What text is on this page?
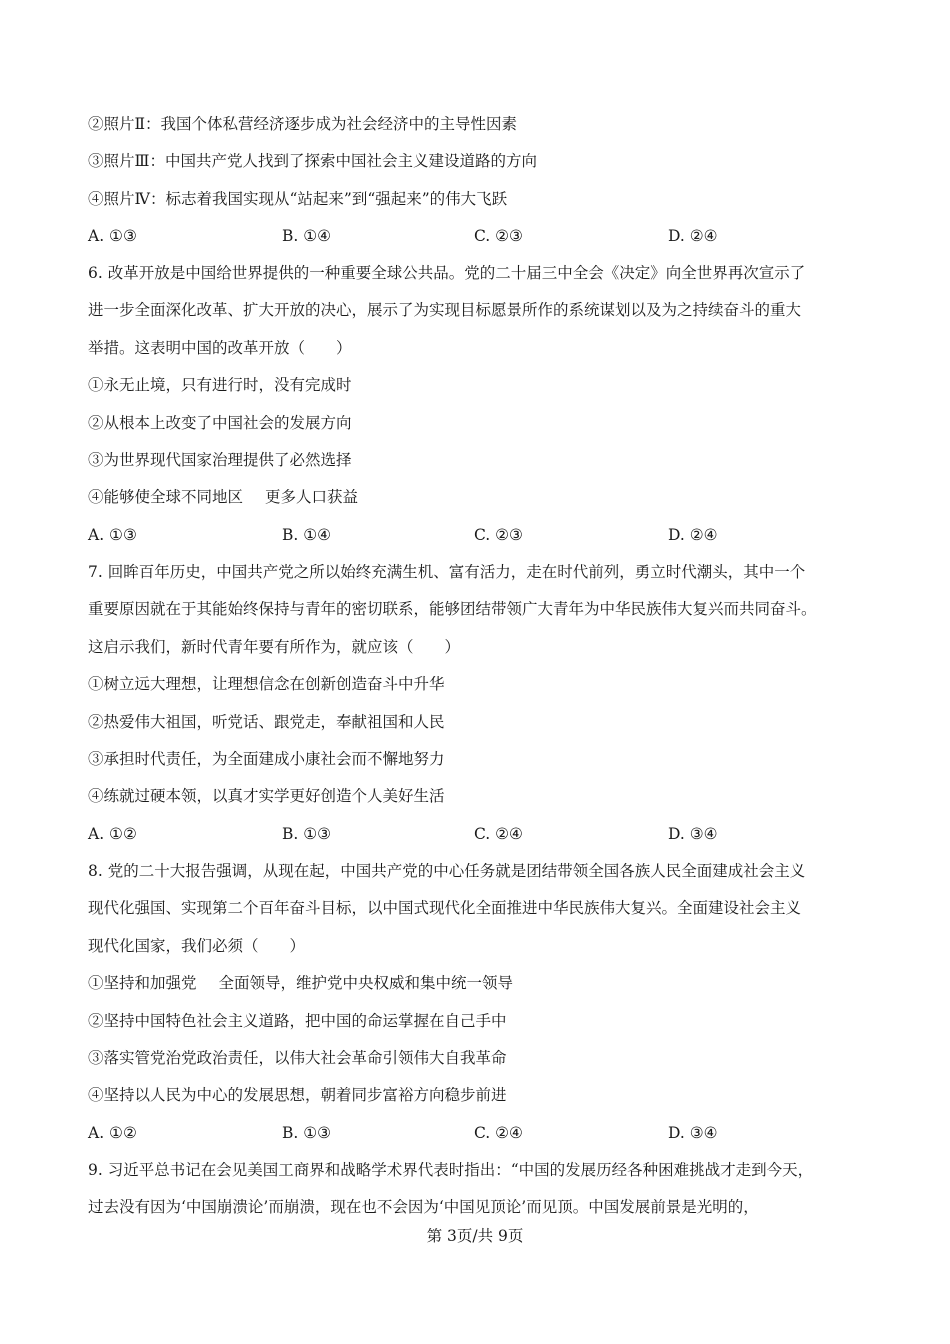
②照片Ⅱ：我国个体私营经济逐步成为社会经济中的主导性因素
③照片Ⅲ：中国共产党人找到了探索中国社会主义建设道路的方向
④照片Ⅳ：标志着我国实现从“站起来”到“强起来”的伟大飞跃
A. ①③	B. ①④	C. ②③	D. ②④
6. 改革开放是中国给世界提供的一种重要全球公共品。党的二十届三中全会《决定》向全世界再次宣示了
进一步全面深化改革、扩大开放的决心，展示了为实现目标愿景所作的系统谋划以及为之持续奋斗的重大
举措。这表明中国的改革开放（　　）
①永无止境，只有进行时，没有完成时
②从根本上改变了中国社会的发展方向
③为世界现代国家治理提供了必然选择
④能够使全球不同地区 更多人口获益
A. ①③	B. ①④	C. ②③	D. ②④
7. 回眸百年历史，中国共产党之所以始终充满生机、富有活力，走在时代前列，勇立时代潮头，其中一个
重要原因就在于其能始终保持与青年的密切联系，能够团结带领广大青年为中华民族伟大复兴而共同奋斗。
这启示我们，新时代青年要有所作为，就应该（　　）
①树立远大理想，让理想信念在创新创造奋斗中升华
②热爱伟大祖国，听党话、跟党走，奉献祖国和人民
③承担时代责任，为全面建成小康社会而不懈地努力
④练就过硬本领，以真才实学更好创造个人美好生活
A. ①②	B. ①③	C. ②④	D. ③④
8. 党的二十大报告强调，从现在起，中国共产党的中心任务就是团结带领全国各族人民全面建成社会主义
现代化强国、实现第二个百年奋斗目标，以中国式现代化全面推进中华民族伟大复兴。全面建设社会主义
现代化国家，我们必须（　　）
①坚持和加强党 全面领导，维护党中央权威和集中统一领导
②坚持中国特色社会主义道路，把中国的命运掌握在自己手中
③落实管党治党政治责任，以伟大社会革命引领伟大自我革命
④坚持以人民为中心的发展思想，朝着同步富裕方向稳步前进
A. ①②	B. ①③	C. ②④	D. ③④
9. 习近平总书记在会见美国工商界和战略学术界代表时指出：“中国的发展历经各种困难挑战才走到今天，
过去没有因为‘中国崩溃论’而崩溃，现在也不会因为‘中国见顶论’而见顶。中国发展前景是光明的，
第 3页/共 9页
